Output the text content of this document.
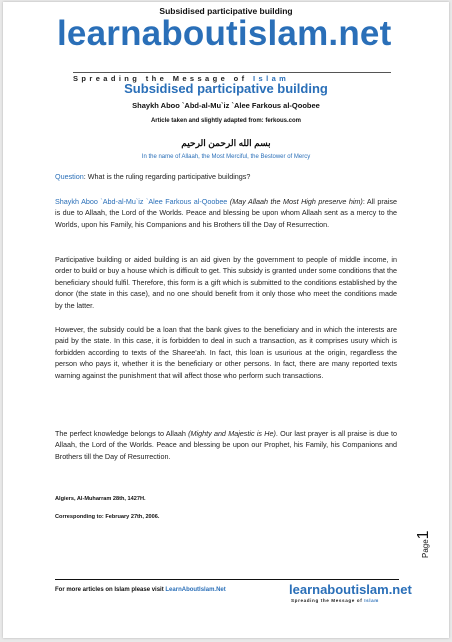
Subsidised participative building
learnaboutislam.net
Spreading the Message of Islam
Subsidised participative building
Shaykh Aboo `Abd-al-Mu`iz `Alee Farkous al-Qoobee
Article taken and slightly adapted from: ferkous.com
بسم الله الرحمن الرحيم
In the name of Allaah, the Most Merciful, the Bestower of Mercy

Question: What is the ruling regarding participative buildings?

Shaykh Aboo `Abd-al-Mu`iz `Alee Farkous al-Qoobee (May Allaah the Most High preserve him): All praise is due to Allaah, the Lord of the Worlds. Peace and blessing be upon whom Allaah sent as a mercy to the Worlds, upon his Family, his Companions and his Brothers till the Day of Resurrection.

Participative building or aided building is an aid given by the government to people of middle income, in order to build or buy a house which is difficult to get. This subsidy is granted under some conditions that the beneficiary should fulfil. Therefore, this form is a gift which is submitted to the conditions established by the donor (the state in this case), and no one should benefit from it only those who meet the conditions made by the latter.

However, the subsidy could be a loan that the bank gives to the beneficiary and in which the interests are paid by the state. In this case, it is forbidden to deal in such a transaction, as it comprises usury which is forbidden according to texts of the Sharee'ah. In fact, this loan is usurious at the origin, regardless the person who pays it, whether it is the beneficiary or other persons. In fact, there are many reported texts warning against the punishment that will affect those who perform such transactions.

The perfect knowledge belongs to Allaah (Mighty and Majestic is He). Our last prayer is all praise is due to Allaah, the Lord of the Worlds. Peace and blessing be upon our Prophet, his Family, his Companions and Brothers till the Day of Resurrection.

Algiers, Al-Muharram 28th, 1427H.
Corresponding to: February 27th, 2006.
Page1
For more articles on Islam please visit LearnAboutIslam.Net	learnaboutislam.net
Spreading the Message of Islam
